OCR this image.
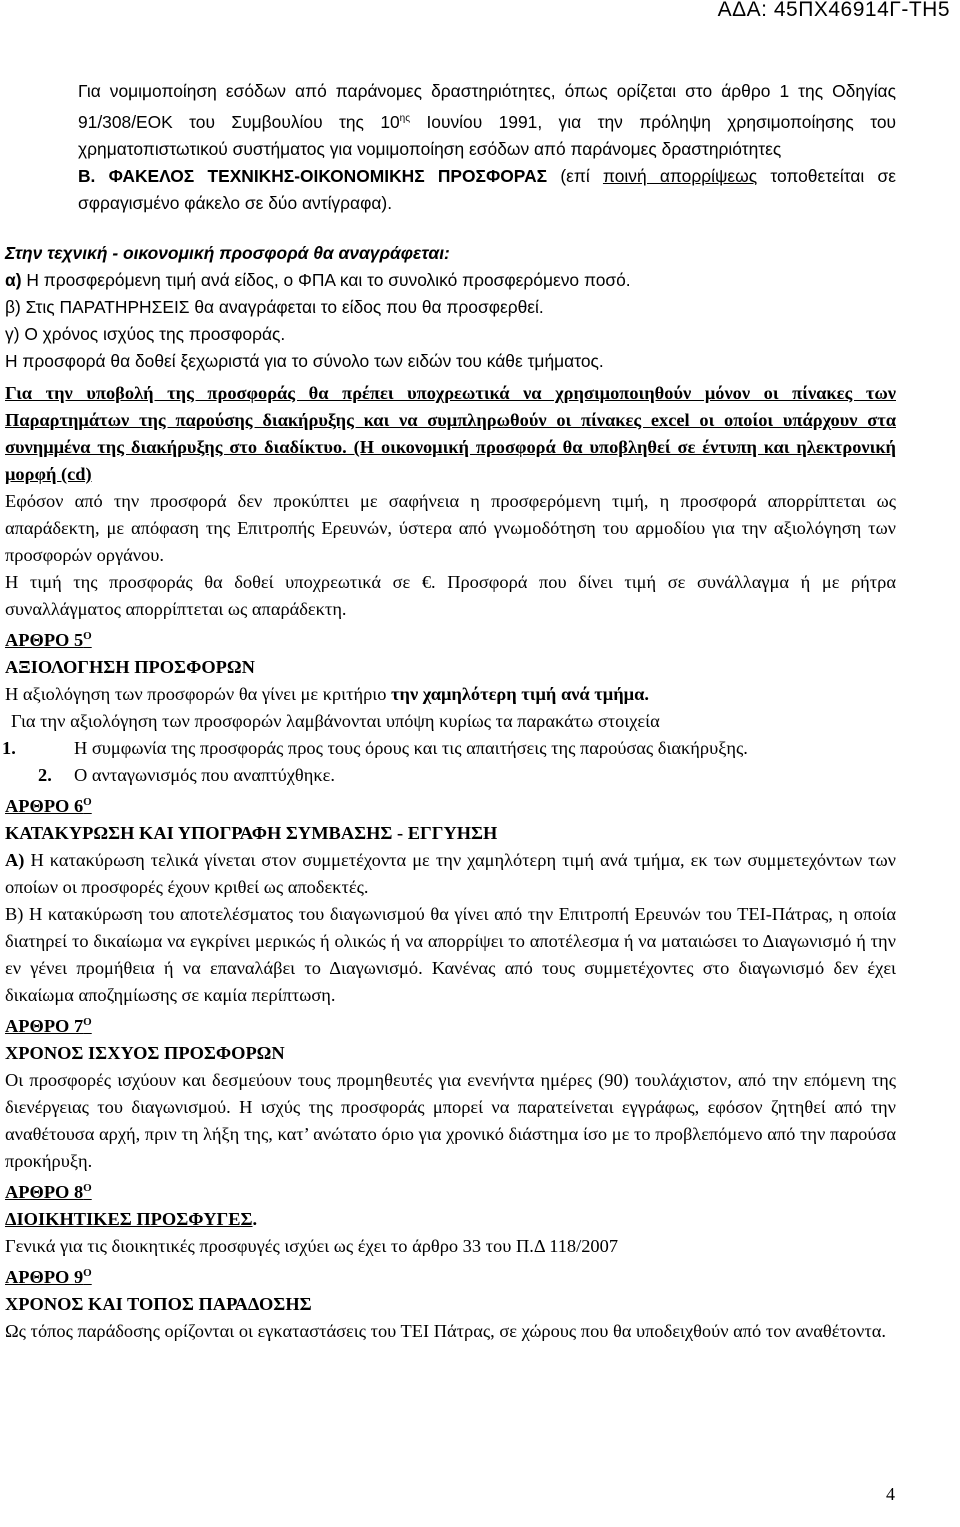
ΑΔΑ: 45ΠΧ46914Γ-ΤΗ5

Για νομιμοποίηση εσόδων από παράνομες δραστηριότητες, όπως ορίζεται στο άρθρο 1 της Οδηγίας 91/308/ΕΟΚ του Συμβουλίου της $10^{\eta\varsigma}$ Ιουνίου 1991, για την πρόληψη χρησιμοποίησης του χρηματοπιστωτικού συστήματος για νομιμοποίηση εσόδων από παράνομες δραστηριότητες

Β. ΦΑΚΕΛΟΣ ΤΕΧΝΙΚΗΣ-ΟΙΚΟΝΟΜΙΚΗΣ ΠΡΟΣΦΟΡΑΣ (επί ποινή απορρίψεως τοποθετείται σε σφραγισμένο φάκελο σε δύο αντίγραφα).

Στην τεχνική - οικονομική προσφορά θα αναγράφεται:

α) Η προσφερόμενη τιμή ανά είδος, ο ΦΠΑ και το συνολικό προσφερόμενο ποσό.

β) Στις ΠΑΡΑΤΗΡΗΣΕΙΣ θα αναγράφεται το είδος που θα προσφερθεί.

γ) Ο χρόνος ισχύος της προσφοράς.

Η προσφορά θα δοθεί ξεχωριστά για το σύνολο των ειδών του κάθε τμήματος.

Για την υποβολή της προσφοράς θα πρέπει υποχρεωτικά να χρησιμοποιηθούν μόνον οι πίνακες των Παραρτημάτων της παρούσης διακήρυξης και να συμπληρωθούν οι πίνακες excel οι οποίοι υπάρχουν στα συνημμένα της διακήρυξης στο διαδίκτυο. (Η οικονομική προσφορά θα υποβληθεί σε έντυπη και ηλεκτρονική μορφή (cd)

Εφόσον από την προσφορά δεν προκύπτει με σαφήνεια η προσφερόμενη τιμή, η προσφορά απορρίπτεται ως απαράδεκτη, με απόφαση της Επιτροπής Ερευνών, ύστερα από γνωμοδότηση του αρμοδίου για την αξιολόγηση των προσφορών οργάνου.

Η τιμή της προσφοράς θα δοθεί υποχρεωτικά σε €. Προσφορά που δίνει τιμή σε συνάλλαγμα ή με ρήτρα συναλλάγματος απορρίπτεται ως απαράδεκτη.

ΑΡΘΡΟ $5^O$

ΑΞΙΟΛΟΓΗΣΗ ΠΡΟΣΦΟΡΩΝ

Η αξιολόγηση των προσφορών θα γίνει με κριτήριο την χαμηλότερη τιμή ανά τμήμα.

Για την αξιολόγηση των προσφορών λαμβάνονται υπόψη κυρίως τα παρακάτω στοιχεία

1.	Η συμφωνία της προσφοράς προς τους όρους και τις απαιτήσεις της παρούσας διακήρυξης.

2. Ο ανταγωνισμός που αναπτύχθηκε.

ΑΡΘΡΟ $6^O$

ΚΑΤΑΚΥΡΩΣΗ ΚΑΙ ΥΠΟΓΡΑΦΗ ΣΥΜΒΑΣΗΣ - ΕΓΓΥΗΣΗ

Α) Η κατακύρωση τελικά γίνεται στον συμμετέχοντα με την χαμηλότερη τιμή ανά τμήμα, εκ των συμμετεχόντων των οποίων οι προσφορές έχουν κριθεί ως αποδεκτές.

Β) Η κατακύρωση του αποτελέσματος του διαγωνισμού θα γίνει από την Επιτροπή Ερευνών του ΤΕΙ-Πάτρας, η οποία διατηρεί το δικαίωμα να εγκρίνει μερικώς ή ολικώς ή να απορρίψει το αποτέλεσμα ή να ματαιώσει το Διαγωνισμό ή την εν γένει προμήθεια ή να επαναλάβει το Διαγωνισμό. Κανένας από τους συμμετέχοντες στο διαγωνισμό δεν έχει δικαίωμα αποζημίωσης σε καμία περίπτωση.

ΑΡΘΡΟ $7^O$

ΧΡΟΝΟΣ ΙΣΧΥΟΣ ΠΡΟΣΦΟΡΩΝ

Οι προσφορές ισχύουν και δεσμεύουν τους προμηθευτές για ενενήντα ημέρες (90) τουλάχιστον, από την επόμενη της διενέργειας του διαγωνισμού. Η ισχύς της προσφοράς μπορεί να παρατείνεται εγγράφως, εφόσον ζητηθεί από την αναθέτουσα αρχή, πριν τη λήξη της, κατ’ ανώτατο όριο για χρονικό διάστημα ίσο με το προβλεπόμενο από την παρούσα προκήρυξη.

ΑΡΘΡΟ $8^O$

ΔΙΟΙΚΗΤΙΚΕΣ ΠΡΟΣΦΥΓΕΣ.

Γενικά για τις διοικητικές προσφυγές ισχύει ως έχει το άρθρο 33 του Π.Δ 118/2007

ΑΡΘΡΟ $9^O$

ΧΡΟΝΟΣ ΚΑΙ ΤΟΠΟΣ ΠΑΡΑΔΟΣΗΣ

Ως τόπος παράδοσης ορίζονται οι εγκαταστάσεις του ΤΕΙ Πάτρας, σε χώρους που θα υποδειχθούν από τον αναθέτοντα.

4
